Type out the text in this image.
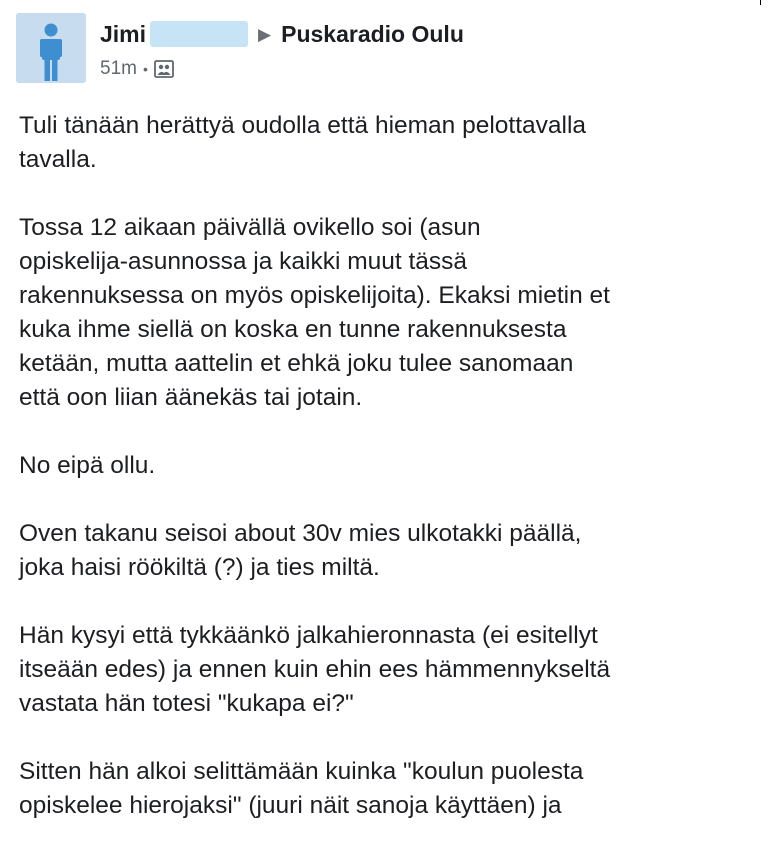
Jimi	▶ Puskaradio Oulu
51m •

Tuli tänään herättyä oudolla että hieman pelottavalla
tavalla.

Tossa 12 aikaan päivällä ovikello soi (asun
opiskelija-asunnossa ja kaikki muut tässä
rakennuksessa on myös opiskelijoita). Ekaksi mietin et
kuka ihme siellä on koska en tunne rakennuksesta
ketään, mutta aattelin et ehkä joku tulee sanomaan
että oon liian äänekäs tai jotain.

No eipä ollu.

Oven takanu seisoi about 30v mies ulkotakki päällä,
joka haisi röökiltä (?) ja ties miltä.

Hän kysyi että tykkäänkö jalkahieronnasta (ei esitellyt
itseään edes) ja ennen kuin ehin ees hämmennykseltä
vastata hän totesi "kukapa ei?"

Sitten hän alkoi selittämään kuinka "koulun puolesta
opiskelee hierojaksi" (juuri näit sanoja käyttäen) ja
